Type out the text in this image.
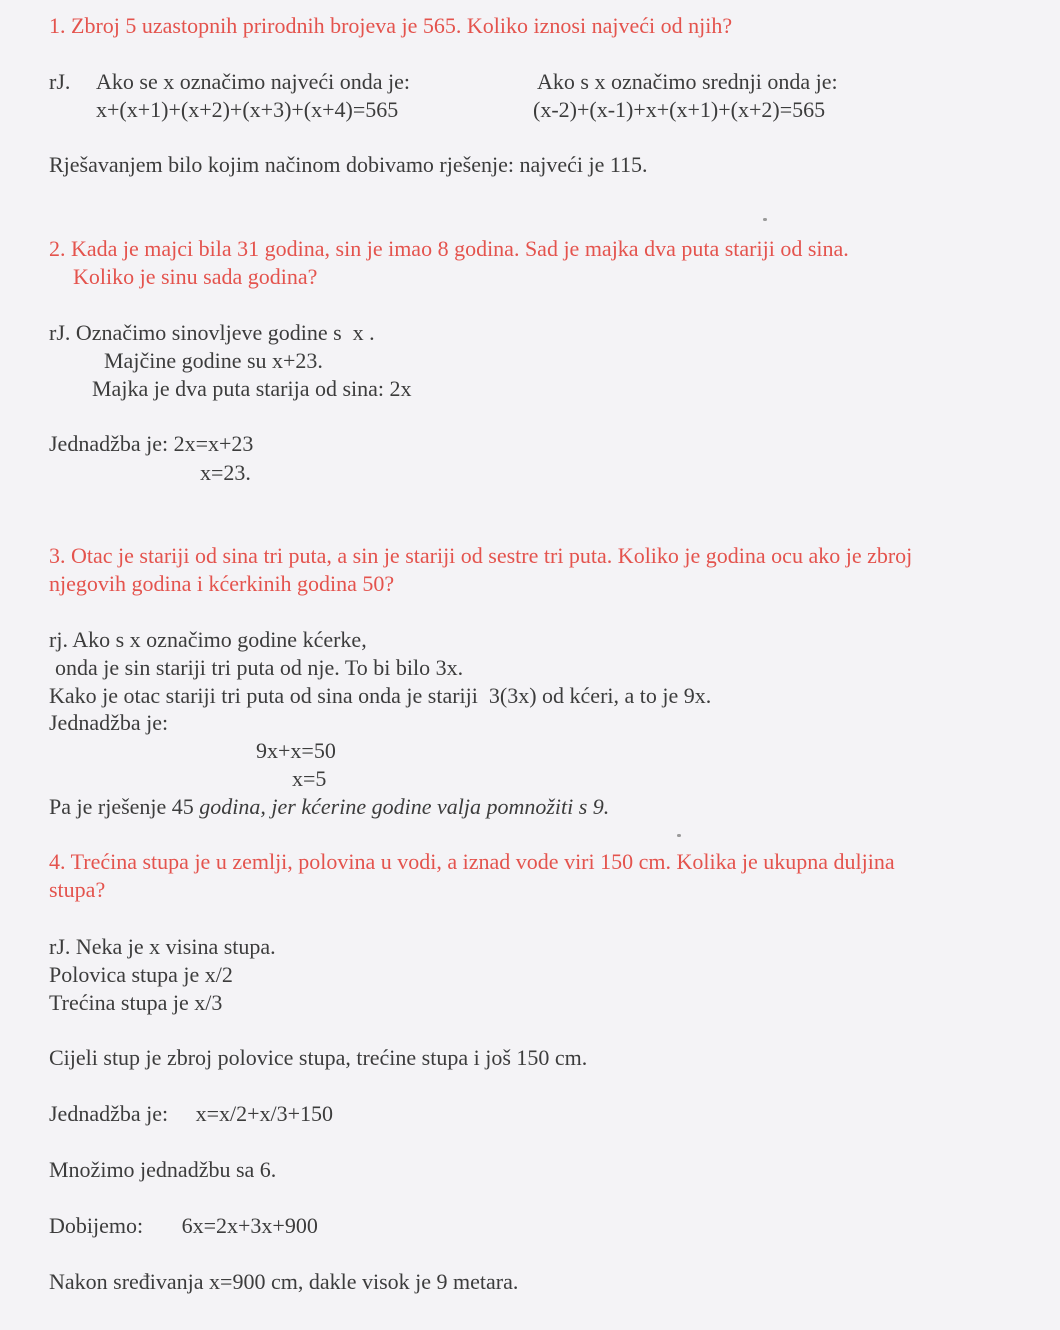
1. Zbroj 5 uzastopnih prirodnih brojeva je 565. Koliko iznosi najveći od njih?
rJ. Ako se x označimo najveći onda je:
x+(x+1)+(x+2)+(x+3)+(x+4)=565
Ako s x označimo srednji onda je:
(x-2)+(x-1)+x+(x+1)+(x+2)=565
Rješavanjem bilo kojim načinom dobivamo rješenje: najveći je 115.
2. Kada je majci bila 31 godina, sin je imao 8 godina. Sad je majka dva puta stariji od sina.
Koliko je sinu sada godina?
rJ. Označimo sinovljeve godine s  x .
Majčine godine su x+23.
Majka je dva puta starija od sina: 2x
Jednadžba je: 2x=x+23
x=23.
3. Otac je stariji od sina tri puta, a sin je stariji od sestre tri puta. Koliko je godina ocu ako je zbroj
njegovih godina i kćerkinih godina 50?
rj. Ako s x označimo godine kćerke,
onda je sin stariji tri puta od nje. To bi bilo 3x.
Kako je otac stariji tri puta od sina onda je stariji  3(3x) od kćeri, a to je 9x.
Jednadžba je:
9x+x=50
x=5
Pa je rješenje 45 godina, jer kćerine godine valja pomnožiti s 9.
4. Trećina stupa je u zemlji, polovina u vodi, a iznad vode viri 150 cm. Kolika je ukupna duljina
stupa?
rJ. Neka je x visina stupa.
Polovica stupa je x/2
Trećina stupa je x/3
Cijeli stup je zbroj polovice stupa, trećine stupa i još 150 cm.
Jednadžba je:     x=x/2+x/3+150
Množimo jednadžbu sa 6.
Dobijemo:       6x=2x+3x+900
Nakon sređivanja x=900 cm, dakle visok je 9 metara.
